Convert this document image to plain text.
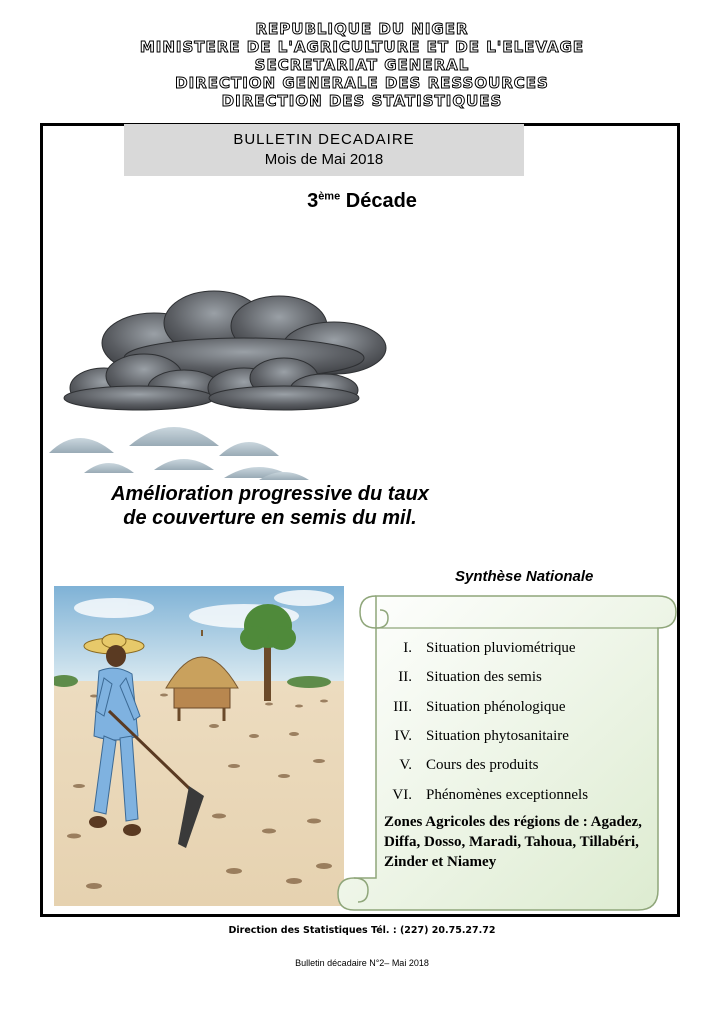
REPUBLIQUE DU NIGER
MINISTERE DE L'AGRICULTURE ET DE L'ELEVAGE
SECRETARIAT GENERAL
DIRECTION GENERALE DES RESSOURCES
DIRECTION DES STATISTIQUES
BULLETIN DECADAIRE
Mois de Mai 2018
3ème Décade
Amélioration progressive du taux
de couverture en semis du mil.
Synthèse Nationale
I. Situation pluviométrique
II. Situation des semis
III. Situation phénologique
IV. Situation phytosanitaire
V. Cours des produits
VI. Phénomènes exceptionnels
Zones Agricoles des régions de : Agadez, Diffa, Dosso, Maradi, Tahoua, Tillabéri, Zinder et Niamey
Direction des Statistiques Tél. : (227) 20.75.27.72
Bulletin décadaire N°2– Mai 2018
